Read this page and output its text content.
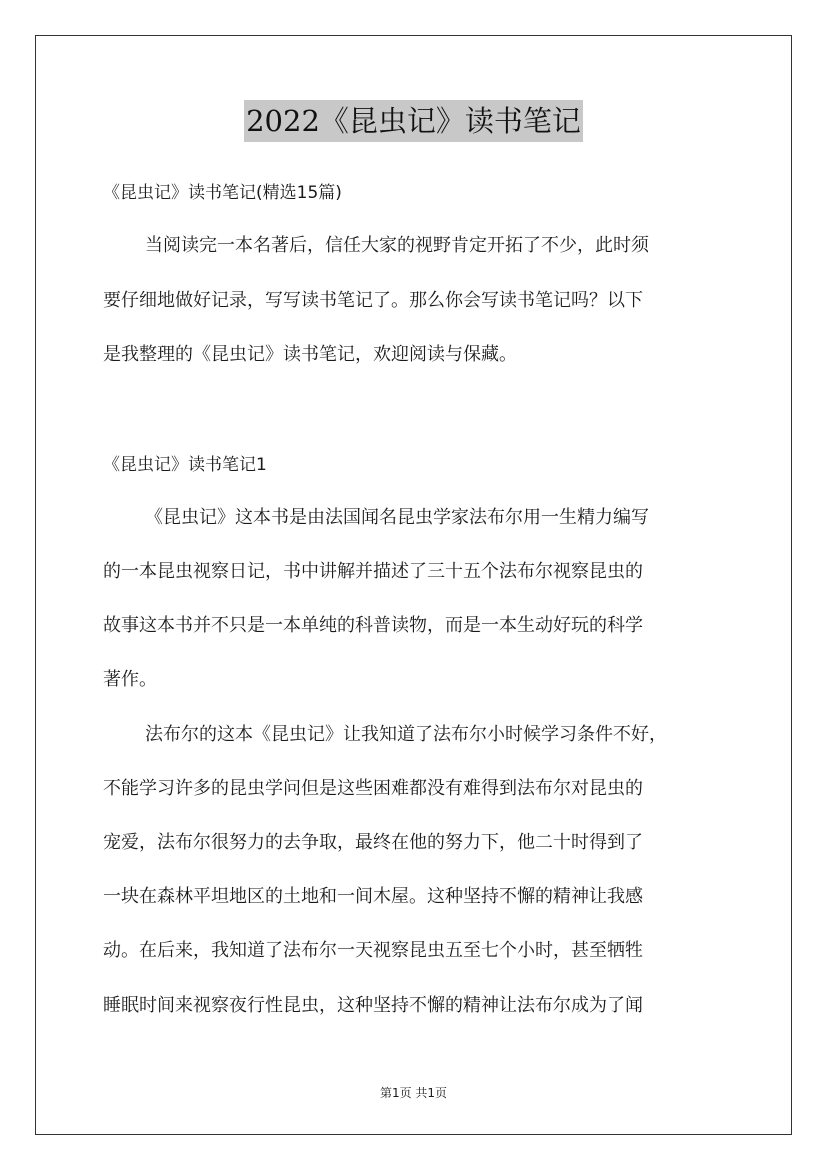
2022《昆虫记》读书笔记
《昆虫记》读书笔记(精选15篇)
当阅读完一本名著后，信任大家的视野肯定开拓了不少，此时须
要仔细地做好记录，写写读书笔记了。那么你会写读书笔记吗？以下
是我整理的《昆虫记》读书笔记，欢迎阅读与保藏。
《昆虫记》读书笔记1
《昆虫记》这本书是由法国闻名昆虫学家法布尔用一生精力编写
的一本昆虫视察日记，书中讲解并描述了三十五个法布尔视察昆虫的
故事这本书并不只是一本单纯的科普读物，而是一本生动好玩的科学
著作。
法布尔的这本《昆虫记》让我知道了法布尔小时候学习条件不好，
不能学习许多的昆虫学问但是这些困难都没有难得到法布尔对昆虫的
宠爱，法布尔很努力的去争取，最终在他的努力下，他二十时得到了
一块在森林平坦地区的土地和一间木屋。这种坚持不懈的精神让我感
动。在后来，我知道了法布尔一天视察昆虫五至七个小时，甚至牺牲
睡眠时间来视察夜行性昆虫，这种坚持不懈的精神让法布尔成为了闻
第1页 共1页
